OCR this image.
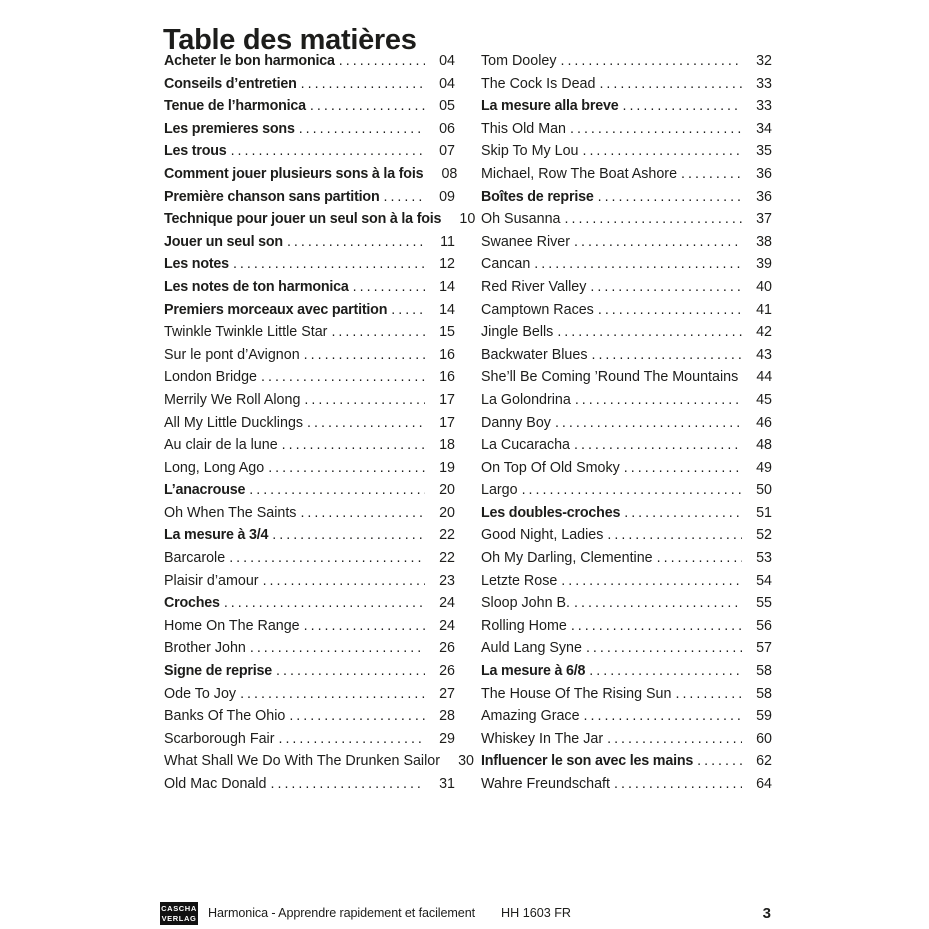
Table des matières
Acheter le bon harmonica .....	04
Conseils d’entretien .....	04
Tenue de l’harmonica .....	05
Les premieres sons .....	06
Les trous .....	07
Comment jouer plusieurs sons à la fois	08
Première chanson sans partition .....	09
Technique pour jouer un seul son à la fois	10
Jouer un seul son .....	11
Les notes .....	12
Les notes de ton harmonica .....	14
Premiers morceaux avec partition .....	14
Twinkle Twinkle Little Star .....	15
Sur le pont d’Avignon .....	16
London Bridge .....	16
Merrily We Roll Along .....	17
All My Little Ducklings .....	17
Au clair de la lune .....	18
Long, Long Ago .....	19
L’anacrouse .....	20
Oh When The Saints .....	20
La mesure à 3/4 .....	22
Barcarole .....	22
Plaisir d’amour .....	23
Croches .....	24
Home On The Range .....	24
Brother John .....	26
Signe de reprise .....	26
Ode To Joy .....	27
Banks Of The Ohio .....	28
Scarborough Fair .....	29
What Shall We Do With The Drunken Sailor	30
Old Mac Donald .....	31
Tom Dooley .....	32
The Cock Is Dead .....	33
La mesure alla breve .....	33
This Old Man .....	34
Skip To My Lou .....	35
Michael, Row The Boat Ashore .....	36
Boîtes de reprise .....	36
Oh Susanna .....	37
Swanee River .....	38
Cancan .....	39
Red River Valley .....	40
Camptown Races .....	41
Jingle Bells .....	42
Backwater Blues .....	43
She’ll Be Coming ’Round The Mountains	44
La Golondrina .....	45
Danny Boy .....	46
La Cucaracha .....	48
On Top Of Old Smoky .....	49
Largo .....	50
Les doubles-croches .....	51
Good Night, Ladies .....	52
Oh My Darling, Clementine .....	53
Letzte Rose .....	54
Sloop John B. .....	55
Rolling Home .....	56
Auld Lang Syne .....	57
La mesure à 6/8 .....	58
The House Of The Rising Sun .....	58
Amazing Grace .....	59
Whiskey In The Jar .....	60
Influencer le son avec les mains .....	62
Wahre Freundschaft .....	64
CASCHA
VERLAG Harmonica - Apprendre rapidement et facilement HH 1603 FR	3
